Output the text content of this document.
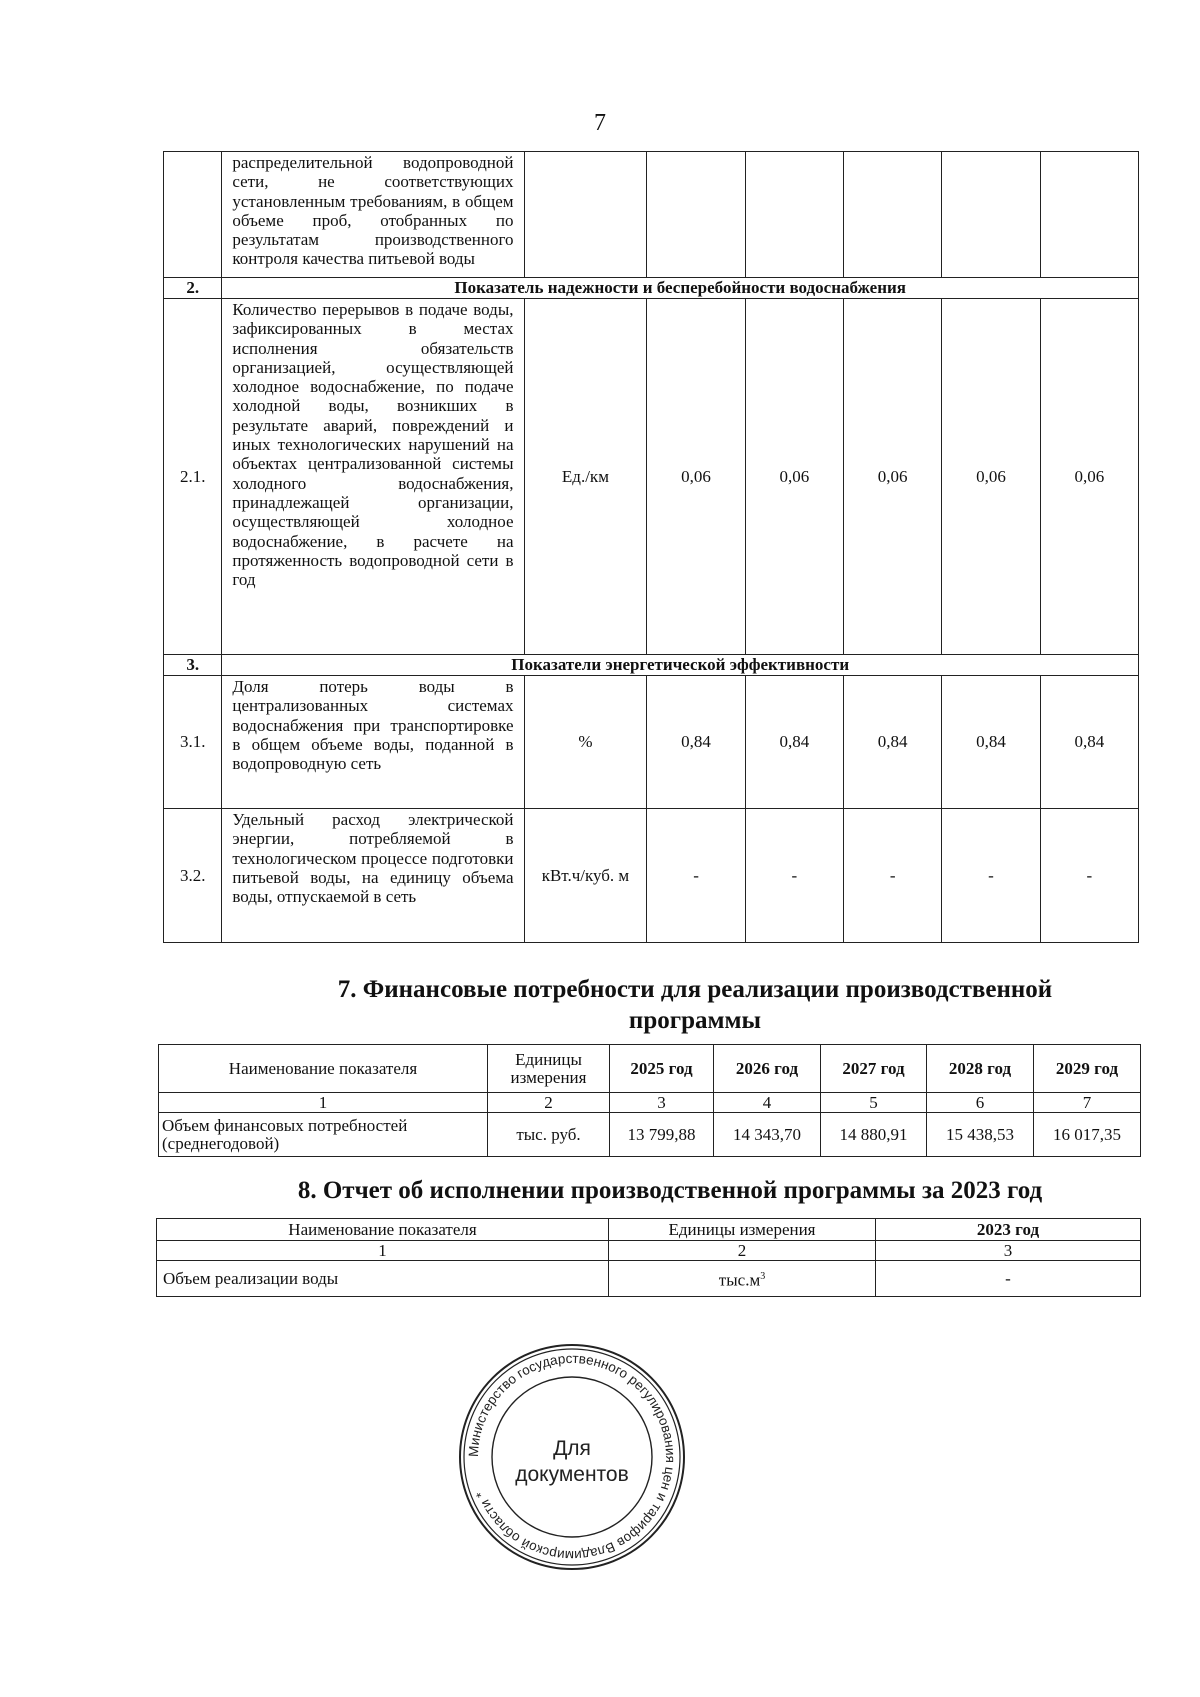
7
	распределительной водопроводной сети, не соответствующих установленным требованиям, в общем объеме проб, отобранных по результатам производственного контроля качества питьевой воды						
2.	Показатель надежности и бесперебойности водоснабжения						
2.1.	Количество перерывов в подаче воды, зафиксированных в местах исполнения обязательств организацией, осуществляющей холодное водоснабжение, по подаче холодной воды, возникших в результате аварий, повреждений и иных технологических нарушений на объектах централизованной системы холодного водоснабжения, принадлежащей организации, осуществляющей холодное водоснабжение, в расчете на протяженность водопроводной сети в год	Ед./км	0,06	0,06	0,06	0,06	0,06
3.	Показатели энергетической эффективности						
3.1.	Доля потерь воды в централизованных системах водоснабжения при транспортировке в общем объеме воды, поданной в водопроводную сеть	%	0,84	0,84	0,84	0,84	0,84
3.2.	Удельный расход электрической энергии, потребляемой в технологическом процессе подготовки питьевой воды, на единицу объема воды, отпускаемой в сеть	кВт.ч/куб. м	-	-	-	-	-
7. Финансовые потребности для реализации производственной
программы
Наименование показателя	Единицы измерения	2025 год	2026 год	2027 год	2028 год	2029 год
1	2	3	4	5	6	7
Объем финансовых потребностей (среднегодовой)	тыс. руб.	13 799,88	14 343,70	14 880,91	15 438,53	16 017,35
8. Отчет об исполнении производственной программы за 2023 год
Наименование показателя	Единицы измерения	2023 год
1	2	3
Объем реализации воды	$тыс.м^3$	-
Министерство государственного регулирования цен и тарифов Владимирской области *
Для
документов
